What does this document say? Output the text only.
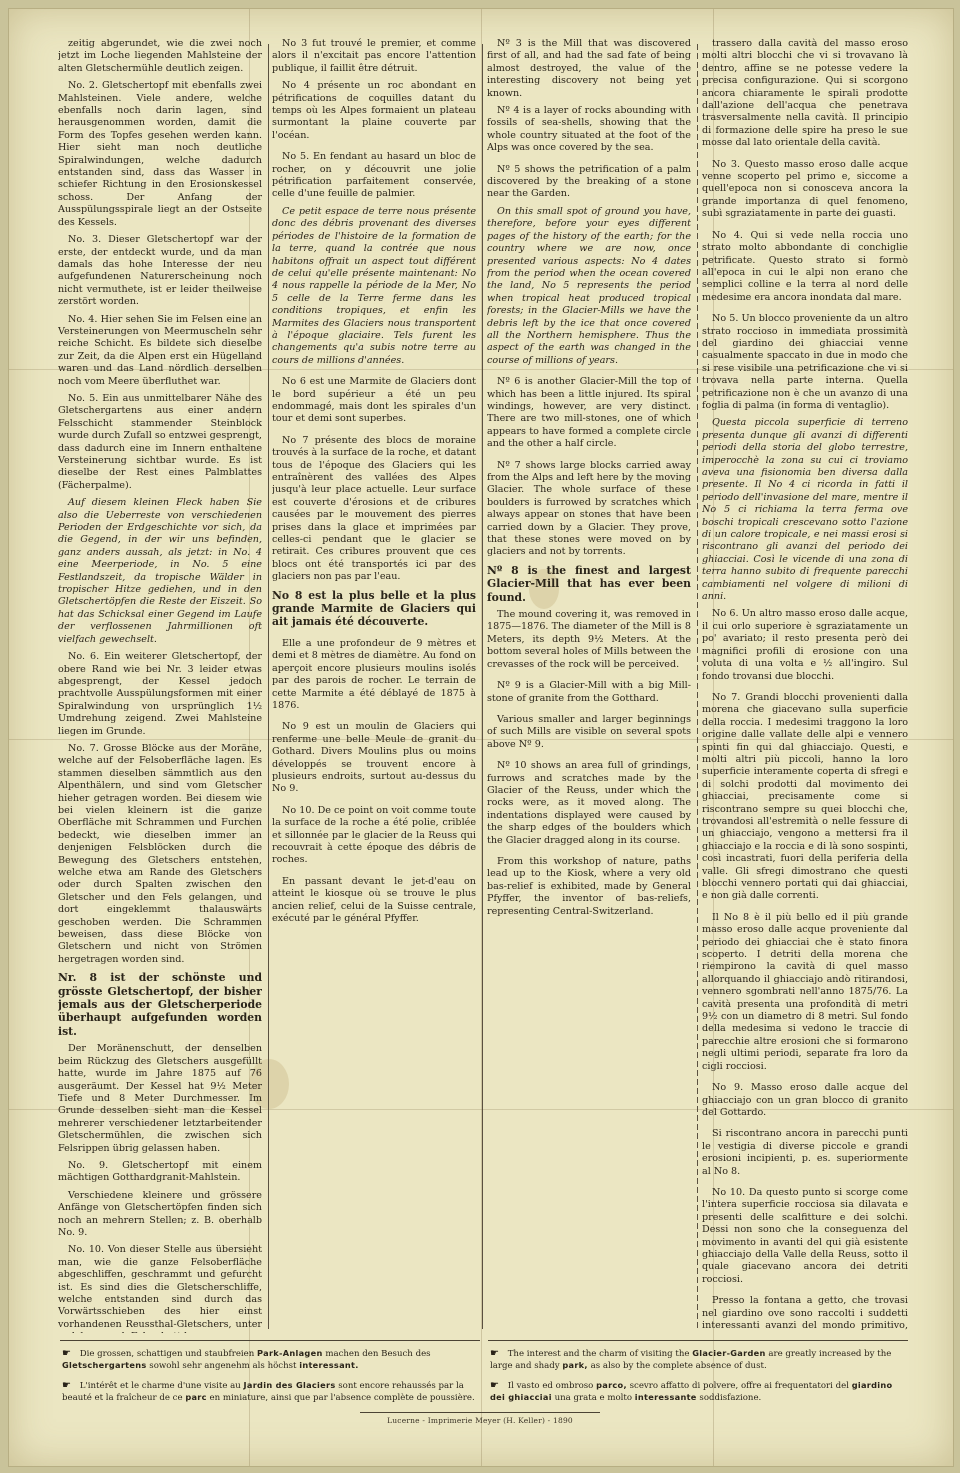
zeitig abgerundet, wie die zwei noch jetzt im Loche liegenden Mahlsteine der alten Gletschermühle deutlich zeigen.

No. 2. Gletschertopf mit ebenfalls zwei Mahlsteinen. Viele andere, welche ebenfalls noch darin lagen, sind herausgenommen worden, damit die Form des Topfes gesehen werden kann. Hier sieht man noch deutliche Spiralwindungen, welche dadurch entstanden sind, dass das Wasser in schiefer Richtung in den Erosionskessel schoss. Der Anfang der Ausspülungsspirale liegt an der Ostseite des Kessels.

No. 3. Dieser Gletschertopf war der erste, der entdeckt wurde, und da man damals das hohe Interesse der neu aufgefundenen Naturerscheinung noch nicht vermuthete, ist er leider theilweise zerstört worden.

No. 4. Hier sehen Sie im Felsen eine an Versteinerungen von Meermuscheln sehr reiche Schicht. Es bildete sich dieselbe zur Zeit, da die Alpen erst ein Hügelland waren und das Land nördlich derselben noch vom Meere überfluthet war.

No. 5. Ein aus unmittelbarer Nähe des Gletschergartens aus einer andern Felsschicht stammender Steinblock wurde durch Zufall so entzwei gesprengt, dass dadurch eine im Innern enthaltene Versteinerung sichtbar wurde. Es ist dieselbe der Rest eines Palmblattes (Fächerpalme).

Auf diesem kleinen Fleck haben Sie also die Ueberreste von verschiedenen Perioden der Erdgeschichte vor sich, da die Gegend, in der wir uns befinden, ganz anders aussah, als jetzt: in No. 4 eine Meerperiode, in No. 5 eine Festlandszeit, da tropische Wälder in tropischer Hitze gediehen, und in den Gletschertöpfen die Reste der Eiszeit. So hat das Schicksal einer Gegend im Laufe der verflossenen Jahrmillionen oft vielfach gewechselt.

No. 6. Ein weiterer Gletschertopf, der obere Rand wie bei Nr. 3 leider etwas abgesprengt, der Kessel jedoch prachtvolle Ausspülungsformen mit einer Spiralwindung von ursprünglich 1½ Umdrehung zeigend. Zwei Mahlsteine liegen im Grunde.

No. 7. Grosse Blöcke aus der Moräne, welche auf der Felsoberfläche lagen. Es stammen dieselben sämmtlich aus den Alpenthälern, und sind vom Gletscher hieher getragen worden. Bei diesem wie bei vielen kleinern ist die ganze Oberfläche mit Schrammen und Furchen bedeckt, wie dieselben immer an denjenigen Felsblöcken durch die Bewegung des Gletschers entstehen, welche etwa am Rande des Gletschers oder durch Spalten zwischen den Gletscher und den Fels gelangen, und dort eingeklemmt thalauswärts geschoben werden. Die Schrammen beweisen, dass diese Blöcke von Gletschern und nicht von Strömen hergetragen worden sind.

Nr. 8 ist der schönste und grösste Gletschertopf, der bisher jemals aus der Gletscherperiode überhaupt aufgefunden worden ist.

Der Moränenschutt, der denselben beim Rückzug des Gletschers ausgefüllt hatte, wurde im Jahre 1875 auf 76 ausgeräumt. Der Kessel hat 9½ Meter Tiefe und 8 Meter Durchmesser. Im Grunde desselben sieht man die Kessel mehrerer verschiedener letztarbeitender Gletschermühlen, die zwischen sich Felsrippen übrig gelassen haben.

No. 9. Gletschertopf mit einem mächtigen Gotthardgranit-Mahlstein.

Verschiedene kleinere und grössere Anfänge von Gletschertöpfen finden sich noch an mehrern Stellen; z. B. oberhalb No. 9.

No. 10. Von dieser Stelle aus übersieht man, wie die ganze Felsoberfläche abgeschliffen, geschrammt und gefurcht ist. Es sind dies die Gletscherschliffe, welche entstanden sind durch das Vorwärtsschieben des hier einst vorhandenen Reussthal-Gletschers, unter

No 3 fut trouvé le premier, et comme alors il n'excitait pas encore l'attention publique, il faillit être détruit.

No 4 présente un roc abondant en pétrifications de coquilles datant du temps où les Alpes formaient un plateau surmontant la plaine couverte par l'océan.

No 5. En fendant au hasard un bloc de rocher, on y découvrit une jolie pétrification parfaitement conservée, celle d'une feuille de palmier.

Ce petit espace de terre nous présente donc des débris provenant des diverses périodes de l'histoire de la formation de la terre, quand la contrée que nous habitons offrait un aspect tout différent de celui qu'elle présente maintenant: No 4 nous rappelle la période de la Mer, No 5 celle de la Terre ferme dans les conditions tropiques, et enfin les Marmites des Glaciers nous transportent à l'époque glaciaire. Tels furent les changements qu'a subis notre terre au cours de millions d'années.

No 6 est une Marmite de Glaciers dont le bord supérieur a été un peu endommagé, mais dont les spirales d'un tour et demi sont superbes.

No 7 présente des blocs de moraine trouvés à la surface de la roche, et datant tous de l'époque des Glaciers qui les entraînèrent des vallées des Alpes jusqu'à leur place actuelle. Leur surface est couverte d'érosions et de cribures causées par le mouvement des pierres prises dans la glace et imprimées par celles-ci pendant que le glacier se retirait. Ces cribures prouvent que ces blocs ont été transportés ici par des glaciers non pas par l'eau.

No 8 est la plus belle et la plus grande Marmite de Glaciers qui ait jamais été découverte.

Elle a une profondeur de 9 mètres et demi et 8 mètres de diamètre. Au fond on aperçoit encore plusieurs moulins isolés par des parois de rocher. Le terrain de cette Marmite a été déblayé de 1875 à 1876.

No 9 est un moulin de Glaciers qui renferme une belle Meule de granit du Gothard. Divers Moulins plus ou moins développés se trouvent encore à plusieurs endroits, surtout au-dessus du No 9.

No 10. De ce point on voit comme toute la surface de la roche a été polie, criblée et sillonnée par le glacier de la Reuss qui recouvrait à cette époque des débris de roches.

En passant devant le jet-d'eau on atteint le kiosque où se trouve le plus ancien relief, celui de la Suisse centrale, exécuté par le général Pfyffer.

Nº 3 is the Mill that was discovered first of all, and had the sad fate of being almost destroyed, the value of the interesting discovery not being yet known.

Nº 4 is a layer of rocks abounding with fossils of sea-shells, showing that the whole country situated at the foot of the Alps was once covered by the sea.

Nº 5 shows the petrification of a palm discovered by the breaking of a stone near the Garden.

On this small spot of ground you have, therefore, before your eyes different pages of the history of the earth; for the country where we are now, once presented various aspects: No 4 dates from the period when the ocean covered the land, No 5 represents the period when tropical heat produced tropical forests; in the Glacier-Mills we have the debris left by the ice that once covered all the Northern hemisphere. Thus the aspect of the earth was changed in the course of millions of years.

Nº 6 is another Glacier-Mill the top of which has been a little injured. Its spiral windings, however, are very distinct. There are two mill-stones, one of which appears to have formed a complete circle and the other a half circle.

Nº 7 shows large blocks carried away from the Alps and left here by the moving Glacier. The whole surface of these boulders is furrowed by scratches which always appear on stones that have been carried down by a Glacier. They prove, that these stones were moved on by glaciers and not by torrents.

Nº 8 is the finest and largest Glacier-Mill that has ever been found.

The mound covering it, was removed in 1875—1876. The diameter of the Mill is 8 Meters, its depth 9½ Meters. At the bottom several holes of Mills between the crevasses of the rock will be perceived.

Nº 9 is a Glacier-Mill with a big Mill-stone of granite from the Gotthard.

Various smaller and larger beginnings of such Mills are visible on several spots above Nº 9.

Nº 10 shows an area full of grindings, furrows and scratches made by the Glacier of the Reuss, under which the rocks were, as it moved along. The indentations displayed were caused by the sharp edges of the boulders which the Glacier dragged along in its course.

From this workshop of nature, paths lead up to the Kiosk, where a very old bas-relief is exhibited, made by General Pfyffer, the inventor of bas-reliefs, representing Central-Switzerland.

trassero dalla cavità del masso eroso molti altri blocchi che vi si trovavano là dentro, affine se ne potesse vedere la precisa configurazione. Qui si scorgono ancora chiaramente le spirali prodotte dall'azione dell'acqua che penetrava trasversalmente nella cavità. Il principio di formazione delle spire ha preso le sue mosse dal lato orientale della cavità.

No 3. Questo masso eroso dalle acque venne scoperto pel primo e, siccome a quell'epoca non si conosceva ancora la grande importanza di quel fenomeno, subì sgraziatamente in parte dei guasti.

No 4. Qui si vede nella roccia uno strato molto abbondante di conchiglie petrificate. Questo strato si formò all'epoca in cui le alpi non erano che semplici colline e la terra al nord delle medesime era ancora inondata dal mare.

No 5. Un blocco proveniente da un altro strato roccioso in immediata prossimità del giardino dei ghiacciai venne casualmente spaccato in due in modo che si rese visibile una petrificazione che vi si trovava nella parte interna. Quella petrificazione non è che un avanzo di una foglia di palma (in forma di ventaglio).

Questa piccola superficie di terreno presenta dunque gli avanzi di differenti periodi della storia del globo terrestre, imperocchè la zona su cui ci troviamo aveva una fisionomia ben diversa dalla presente. Il No 4 ci ricorda in fatti il periodo dell'invasione del mare, mentre il No 5 ci richiama la terra ferma ove boschi tropicali crescevano sotto l'azione di un calore tropicale, e nei massi erosi si riscontrano gli avanzi del periodo dei ghiacciai. Così le vicende di una zona di terra hanno subito di frequente parecchi cambiamenti nel volgere di milioni di anni.

No 6. Un altro masso eroso dalle acque, il cui orlo superiore è sgraziatamente un po' avariato; il resto presenta però dei magnifici profili di erosione con una voluta di una volta e ½ all'ingiro. Sul fondo trovansi due blocchi.

No 7. Grandi blocchi provenienti dalla morena che giacevano sulla superficie della roccia. I medesimi traggono la loro origine dalle vallate delle alpi e vennero spinti fin qui dal ghiacciajo. Questi, e molti altri più piccoli, hanno la loro superficie interamente coperta di sfregi e di solchi prodotti dal movimento dei ghiacciai, precisamente come si riscontrano sempre su quei blocchi che, trovandosi all'estremità o nelle fessure di un ghiacciajo, vengono a mettersi fra il ghiacciajo e la roccia e di là sono sospinti, così incastrati, fuori della periferia della valle. Gli sfregi dimostrano che questi blocchi vennero portati qui dai ghiacciai, e non già dalle correnti.

Il No 8 è il più bello ed il più grande masso eroso dalle acque proveniente dal periodo dei ghiacciai che è stato finora scoperto. I detriti della morena che riempirono la cavità di quel masso allorquando il ghiacciajo andò ritirandosi, vennero sgombrati nell'anno 1875/76. La cavità presenta una profondità di metri 9½ con un diametro di 8 metri. Sul fondo della medesima si vedono le traccie di parecchie altre erosioni che si formarono negli ultimi periodi, separate fra loro da cigli rocciosi.

No 9. Masso eroso dalle acque del ghiacciajo con un gran blocco di granito del Gottardo.

Si riscontrano ancora in parecchi punti le vestigia di diverse piccole e grandi erosioni incipienti, p. es. superiormente al No 8.

No 10. Da questo punto si scorge come l'intera superficie rocciosa sia dilavata e presenti delle scalfitture e dei solchi. Dessi non sono che la conseguenza del movimento in avanti del qui già esistente ghiacciajo della Valle della Reuss, sotto il quale giacevano ancora dei detriti rocciosi.

Presso la fontana a getto, che trovasi nel giardino ove sono raccolti i suddetti interessanti avanzi del mondo primitivo,

☛ Die grossen, schattigen und staubfreien Park-Anlagen machen den Besuch des Gletschergartens sowohl sehr angenehm als höchst interessant.
☛ L'intérêt et le charme d'une visite au Jardin des Glaciers sont encore rehaussés par la beauté et la fraîcheur de ce parc en miniature, ainsi que par l'absence complète de poussière.
☛ The interest and the charm of visiting the Glacier-Garden are greatly increased by the large and shady park, as also by the complete absence of dust.
☛ Il vasto ed ombroso parco, scevro affatto di polvere, offre ai frequentatori del giardino dei ghiacciai una grata e molto interessante soddisfazione.
Lucerne - Imprimerie Meyer (H. Keller) - 1890
